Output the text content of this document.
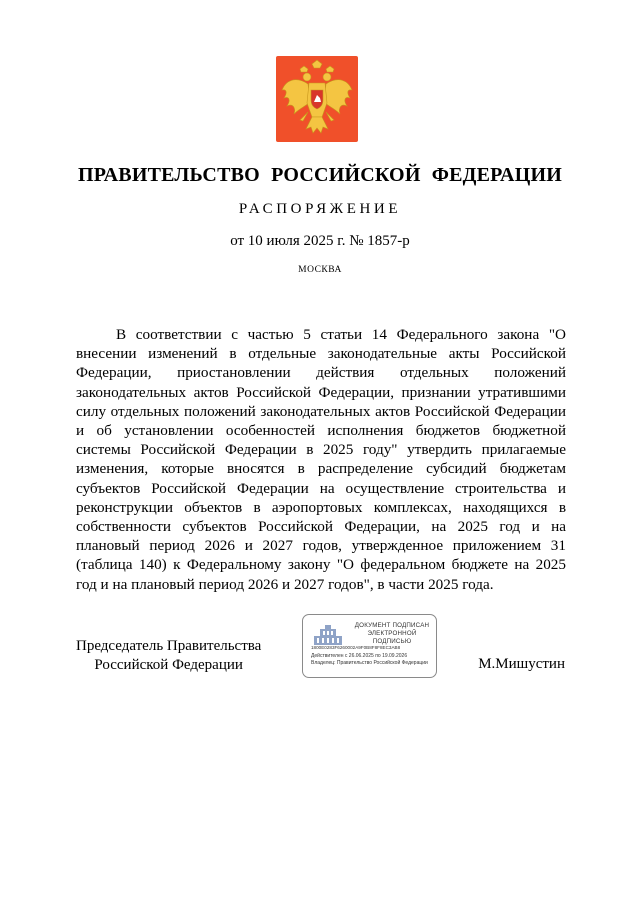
ПРАВИТЕЛЬСТВО РОССИЙСКОЙ ФЕДЕРАЦИИ
РАСПОРЯЖЕНИЕ
от 10 июля 2025 г. № 1857-р
МОСКВА

В соответствии с частью 5 статьи 14 Федерального закона "О внесении изменений в отдельные законодательные акты Российской Федерации, приостановлении действия отдельных положений законодательных актов Российской Федерации, признании утратившими силу отдельных положений законодательных актов Российской Федерации и об установлении особенностей исполнения бюджетов бюджетной системы Российской Федерации в 2025 году" утвердить прилагаемые изменения, которые вносятся в распределение субсидий бюджетам субъектов Российской Федерации на осуществление строительства и реконструкции объектов в аэропортовых комплексах, находящихся в собственности субъектов Российской Федерации, на 2025 год и на плановый период 2026 и 2027 годов, утвержденное приложением 31 (таблица 140) к Федеральному закону "О федеральном бюджете на 2025 год и на плановый период 2026 и 2027 годов", в части 2025 года.

Председатель Правительства
Российской Федерации
ДОКУМЕНТ ПОДПИСАН
ЭЛЕКТРОННОЙ ПОДПИСЬЮ
1800E0283F6260002A9F0B8F8F8EC3AB8
Действителен с 26.06.2025 по 19.09.2026
Владелец: Правительство Российской Федерации	М.Мишустин
